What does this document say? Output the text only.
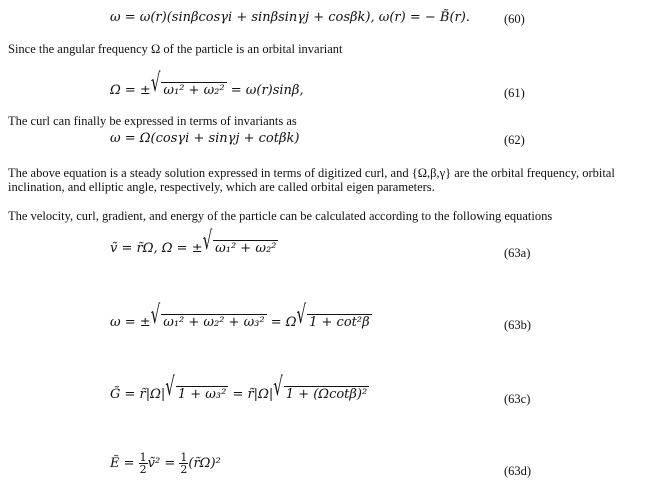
ω = ω(r)(sinβcosγi + sinβsinγj + cosβk), ω(r) = − B̃(r).	(60)
Since the angular frequency Ω of the particle is an orbital invariant
Ω = ±√ ω₁² + ω₂² = ω(r)sinβ,	(61)
The curl can finally be expressed in terms of invariants as
ω = Ω(cosγi + sinγj + cotβk)	(62)
The above equation is a steady solution expressed in terms of digitized curl, and {Ω,β,γ} are the orbital frequency, orbital inclination, and elliptic angle, respectively, which are called orbital eigen parameters.
The velocity, curl, gradient, and energy of the particle can be calculated according to the following equations
ṽ = r̃Ω, Ω = ±√ ω₁² + ω₂²	(63a)
ω = ±√ ω₁² + ω₂² + ω₃² = Ω√ 1 + cot²β	(63b)
G̃ = r̃|Ω|√ 1 + ω₃² = r̃|Ω|√ 1 + (Ωcotβ)²	(63c)
Ẽ = $\frac{1}{2}$ ṽ² = $\frac{1}{2}$ (r̃Ω)²	(63d)
